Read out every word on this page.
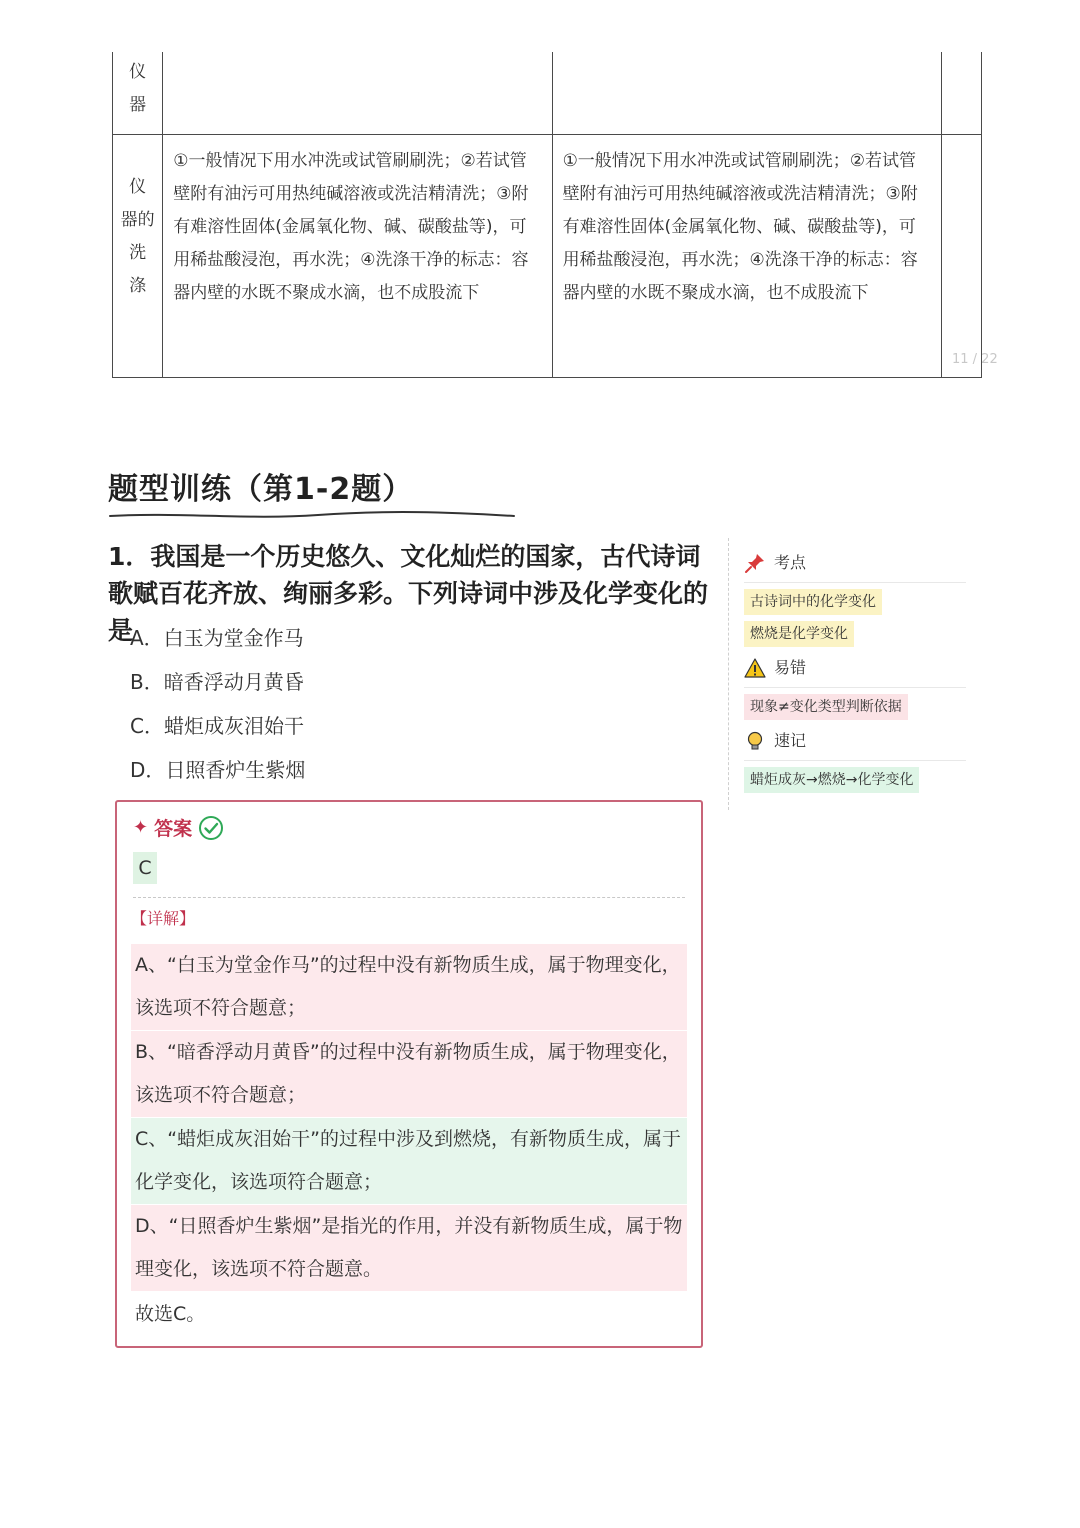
仪
器			

仪
器的
洗
涤	①一般情况下用水冲洗或试管刷刷洗；②若试管壁附有油污可用热纯碱溶液或洗洁精清洗；③附有难溶性固体(金属氧化物、碱、碳酸盐等)，可用稀盐酸浸泡，再水洗；④洗涤干净的标志：容器内壁的水既不聚成水滴，也不成股流下	①一般情况下用水冲洗或试管刷刷洗；②若试管壁附有油污可用热纯碱溶液或洗洁精清洗；③附有难溶性固体(金属氧化物、碱、碳酸盐等)，可用稀盐酸浸泡，再水洗；④洗涤干净的标志：容器内壁的水既不聚成水滴，也不成股流下	
11 / 22
题型训练（第1-2题）
1．我国是一个历史悠久、文化灿烂的国家，古代诗词歌赋百花齐放、绚丽多彩。下列诗词中涉及化学变化的是
A．白玉为堂金作马
B．暗香浮动月黄昏
C．蜡炬成灰泪始干
D．日照香炉生紫烟
考点
古诗词中的化学变化
燃烧是化学变化
易错
现象≠变化类型判断依据
速记
蜡炬成灰→燃烧→化学变化
✦ 答案
C
【详解】
A、“白玉为堂金作马”的过程中没有新物质生成，属于物理变化，该选项不符合题意；
B、“暗香浮动月黄昏”的过程中没有新物质生成，属于物理变化，该选项不符合题意；
C、“蜡炬成灰泪始干”的过程中涉及到燃烧，有新物质生成，属于化学变化，该选项符合题意；
D、“日照香炉生紫烟”是指光的作用，并没有新物质生成，属于物理变化，该选项不符合题意。
故选C。
